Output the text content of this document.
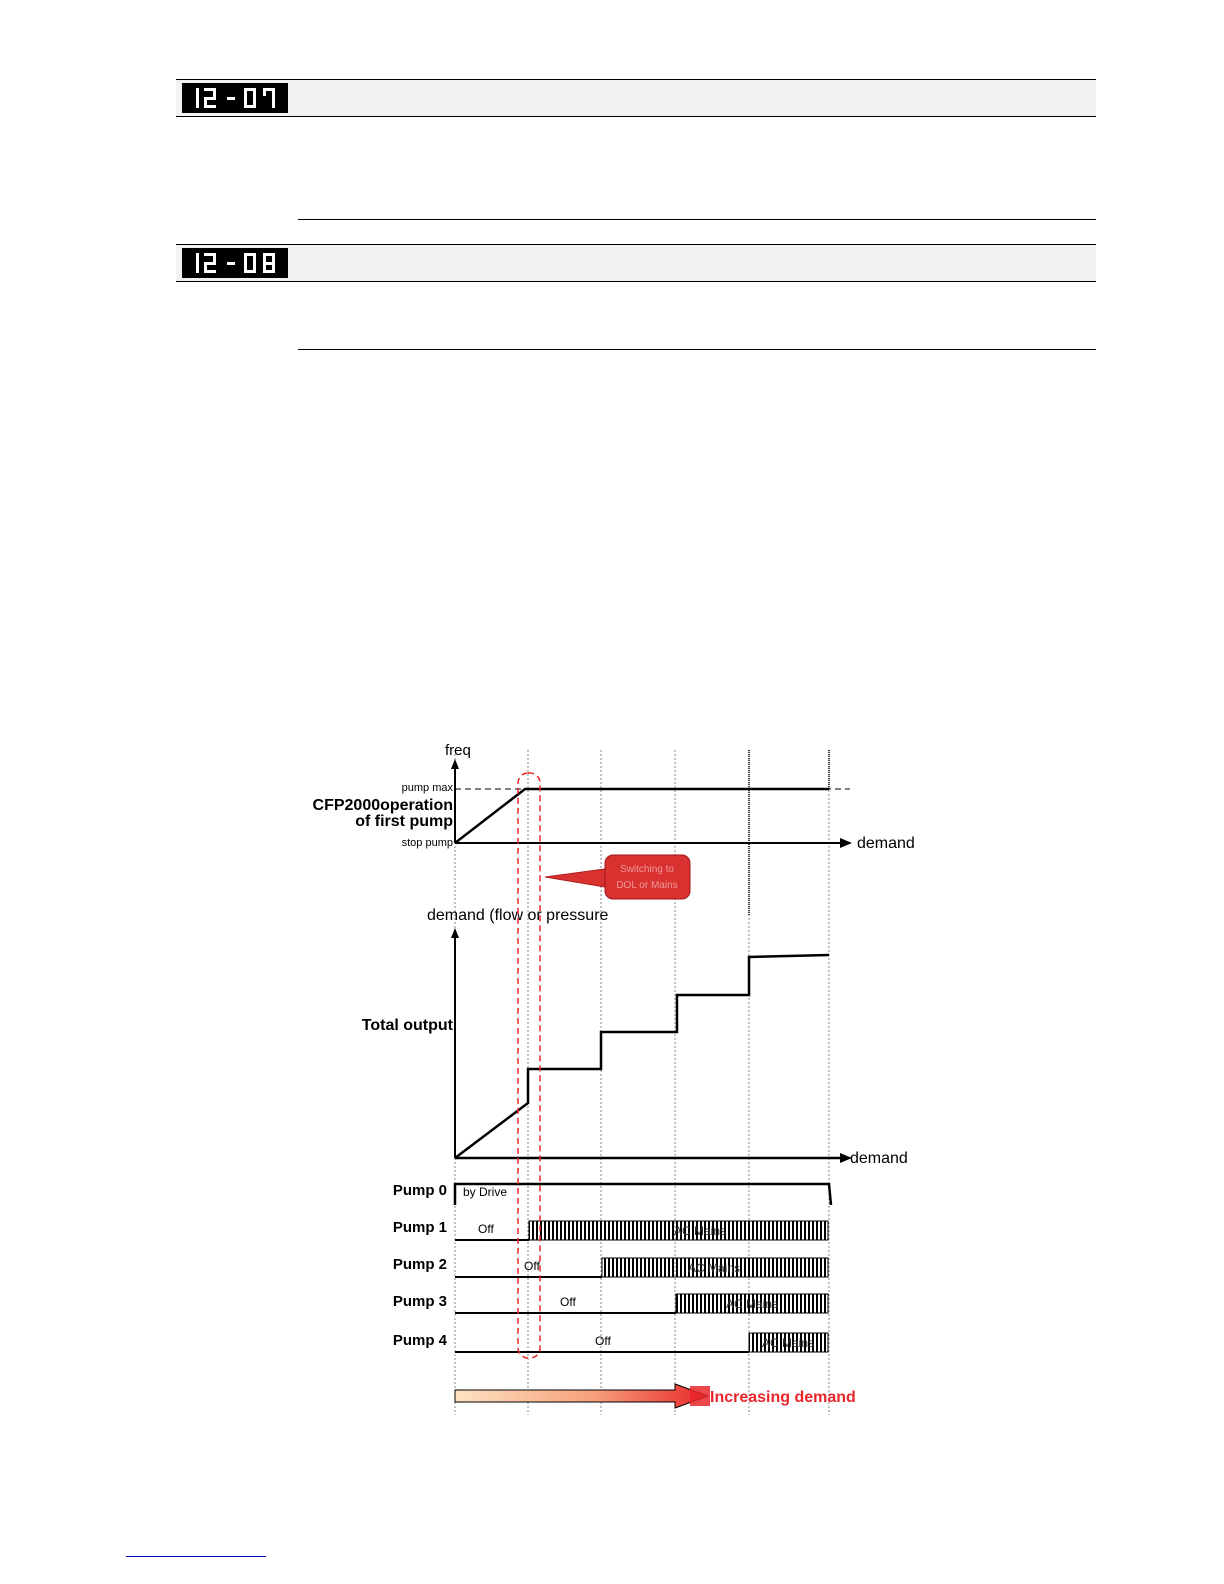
freq
demand
pump max
stop pump
CFP2000operation
of first pump
Switching to
DOL or Mains
demand (flow or pressure
demand
Total output
Pump 0 by Drive
Pump 1	Off	AC Mains
Pump 2	Off	AC Mains
Pump 3	Off	AC Mains
Pump 4	Off	AC Mains
Increasing demand
